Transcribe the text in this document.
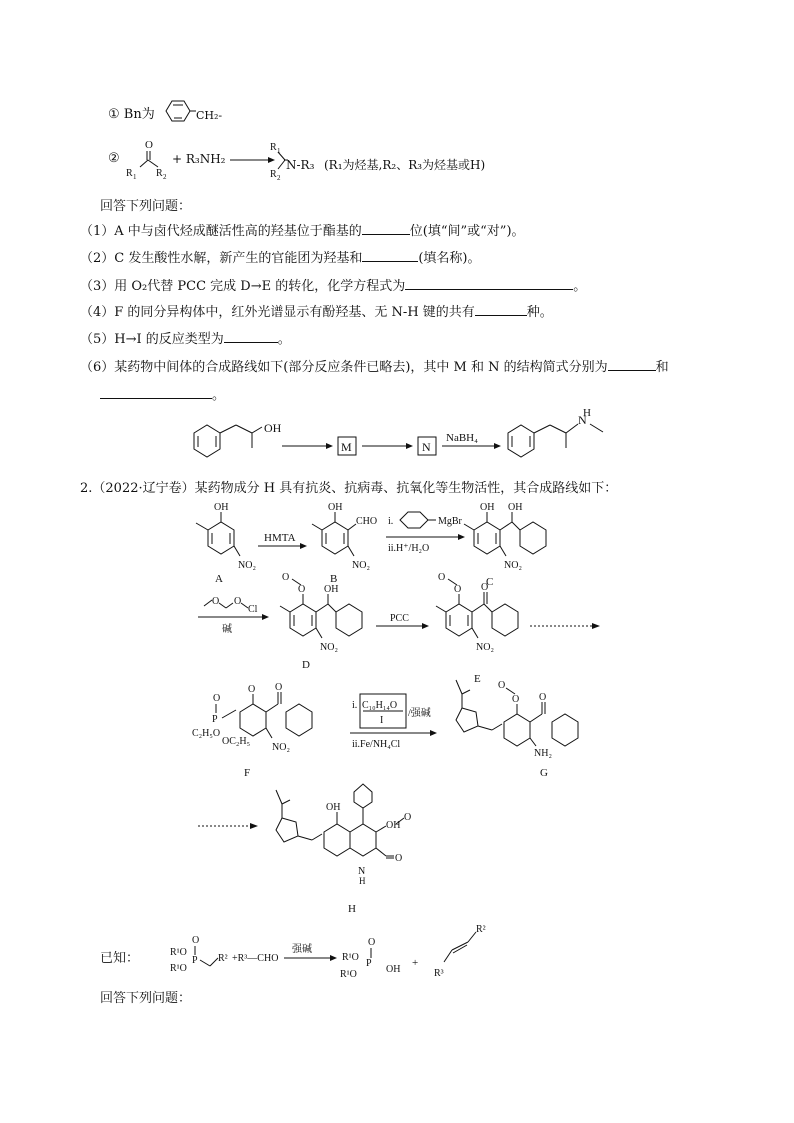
① Bn为	CH₂-
②	+ R₃NH₂	N-R₃ (R₁为烃基,R₂、R₃为烃基或H)
O
R 1 R 2
R 1
R 2
回答下列问题：
（1）A 中与卤代烃成醚活性高的羟基位于酯基的	位(填“间”或“对”)。
（2）C 发生酸性水解，新产生的官能团为羟基和	(填名称)。
（3）用 O₂代替 PCC 完成 D→E 的转化，化学方程式为	。
（4）F 的同分异构体中，红外光谱显示有酚羟基、无 N-H 键的共有	种。
（5）H→I 的反应类型为	。
（6）某药物中间体的合成路线如下(部分反应条件已略去)，其中 M 和 N 的结构简式分别为	和
。
OH
M	N
NaBH₄
N
H
2.（2022·辽宁卷）某药物成分 H 具有抗炎、抗病毒、抗氧化等生物活性，其合成路线如下：
OH
NO₂
A
HMTA
OH
CHO
NO₂
B
i.	MgBr
ii.H⁺/H₂O
OH OH
NO₂
C
O O
Cl
碱
O
O
OH
NO₂
D
PCC
O
O
O
NO₂
E
O
P
C₂H₅O
OC₂H₅
O O
NO₂
F
i. C₁₀H₁₄O
I
/强碱
ii.Fe/NH₄Cl
O
O
O
NH₂
G
OH
OH
O
O
N
H
H
R¹O
R¹O
P
O
R² +R³—CHO
强碱
R¹O
R¹O
P
O
OH
+
R²
R³
已知：
回答下列问题：
